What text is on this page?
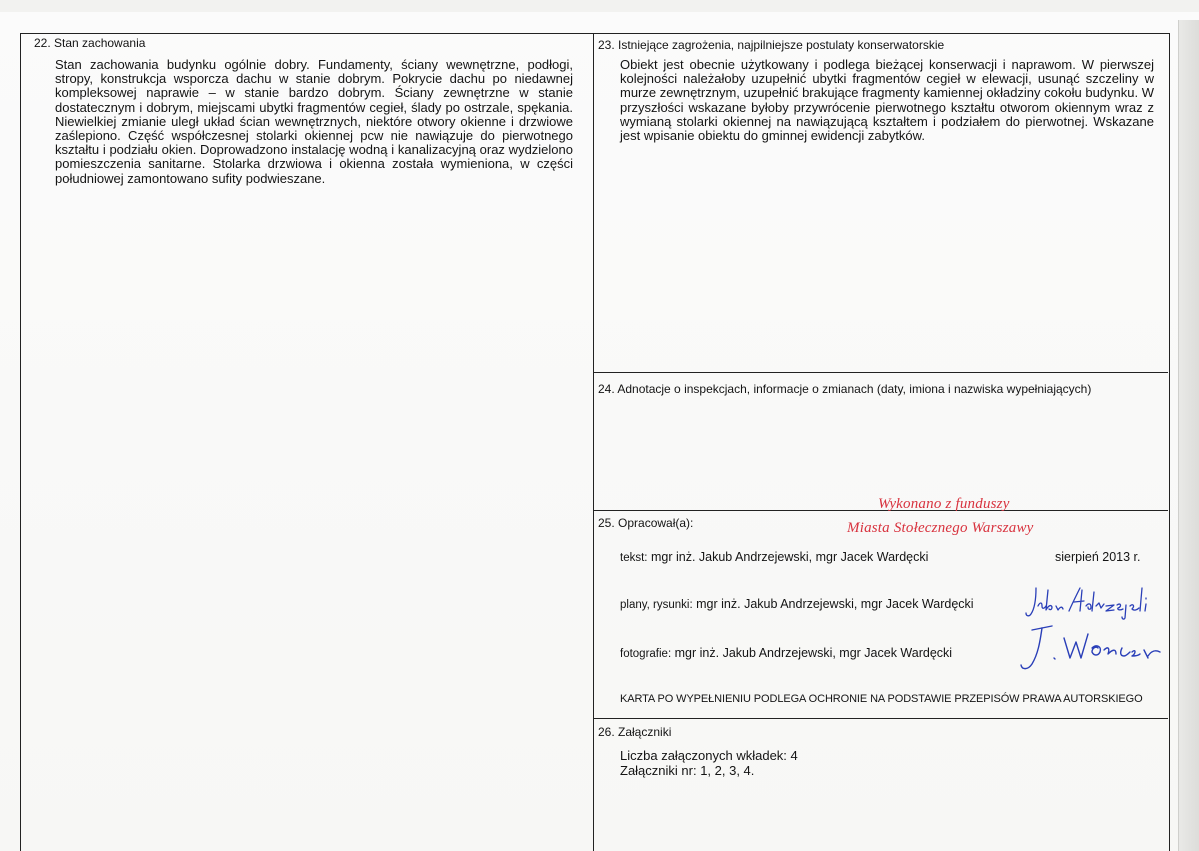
22. Stan zachowania

Stan zachowania budynku ogólnie dobry. Fundamenty, ściany wewnętrzne, podłogi, stropy, konstrukcja wsporcza dachu w stanie dobrym. Pokrycie dachu po niedawnej kompleksowej naprawie – w stanie bardzo dobrym. Ściany zewnętrzne w stanie dostatecznym i dobrym, miejscami ubytki fragmentów cegieł, ślady po ostrzale, spękania. Niewielkiej zmianie uległ układ ścian wewnętrznych, niektóre otwory okienne i drzwiowe zaślepiono. Część współczesnej stolarki okiennej pcw nie nawiązuje do pierwotnego kształtu i podziału okien. Doprowadzono instalację wodną i kanalizacyjną oraz wydzielono pomieszczenia sanitarne. Stolarka drzwiowa i okienna została wymieniona, w części południowej zamontowano sufity podwieszane.

23. Istniejące zagrożenia, najpilniejsze postulaty konserwatorskie

Obiekt jest obecnie użytkowany i podlega bieżącej konserwacji i naprawom. W pierwszej kolejności należałoby uzupełnić ubytki fragmentów cegieł w elewacji, usunąć szczeliny w murze zewnętrznym, uzupełnić brakujące fragmenty kamiennej okładziny cokołu budynku. W przyszłości wskazane byłoby przywrócenie pierwotnego kształtu otworom okiennym wraz z wymianą stolarki okiennej na nawiązującą kształtem i podziałem do pierwotnej. Wskazane jest wpisanie obiektu do gminnej ewidencji zabytków.

24. Adnotacje o inspekcjach, informacje o zmianach (daty, imiona i nazwiska wypełniających)
Wykonano z funduszy
Miasta Stołecznego Warszawy
25. Opracował(a):
tekst: mgr inż. Jakub Andrzejewski, mgr Jacek Wardęcki	sierpień 2013 r.
plany, rysunki: mgr inż. Jakub Andrzejewski, mgr Jacek Wardęcki
fotografie: mgr inż. Jakub Andrzejewski, mgr Jacek Wardęcki
KARTA PO WYPEŁNIENIU PODLEGA OCHRONIE NA PODSTAWIE PRZEPISÓW PRAWA AUTORSKIEGO
26. Załączniki
Liczba załączonych wkładek: 4
Załączniki nr: 1, 2, 3, 4.
